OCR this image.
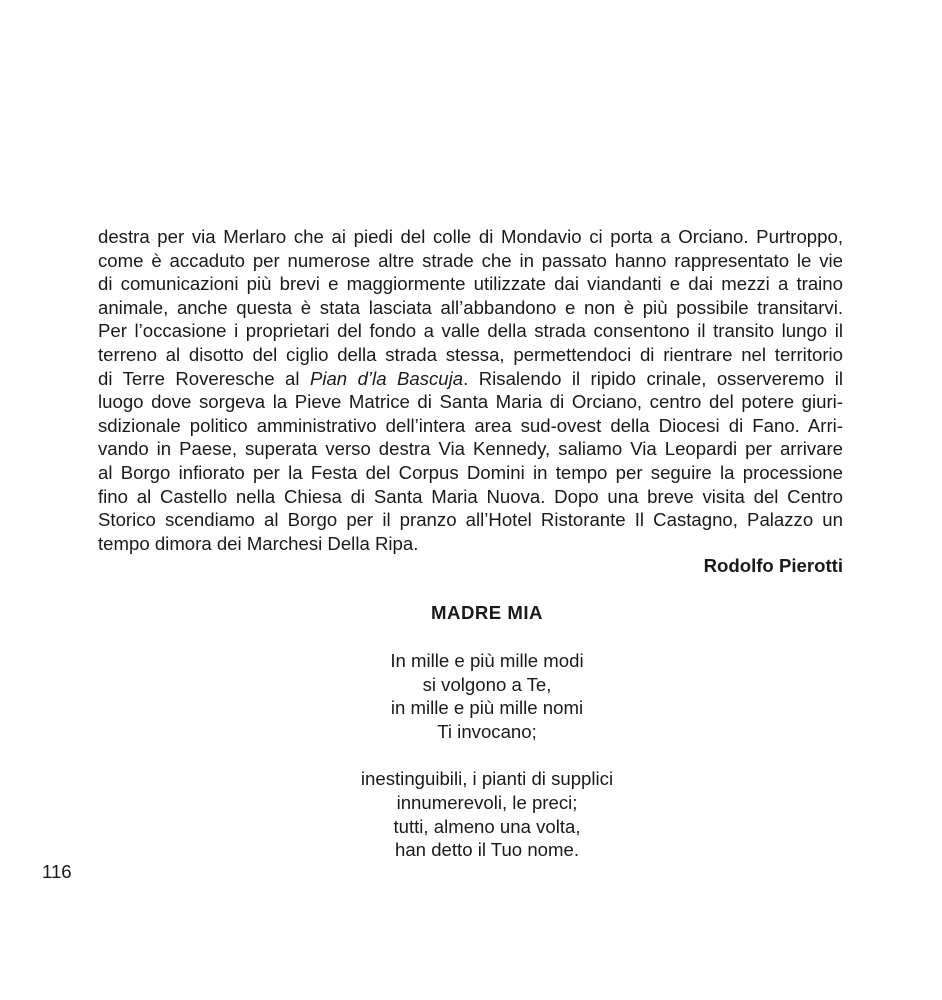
destra per via Merlaro che ai piedi del colle di Mondavio ci porta a Orciano. Purtroppo,
come è accaduto per numerose altre strade che in passato hanno rappresentato le vie
di comunicazioni più brevi e maggiormente utilizzate dai viandanti e dai mezzi a traino
animale, anche questa è stata lasciata all’abbandono e non è più possibile transitarvi.
Per l’occasione i proprietari del fondo a valle della strada consentono il transito lungo il
terreno al disotto del ciglio della strada stessa, permettendoci di rientrare nel territorio
di Terre Roveresche al Pian d’la Bascuja. Risalendo il ripido crinale, osserveremo il
luogo dove sorgeva la Pieve Matrice di Santa Maria di Orciano, centro del potere giuri-
sdizionale politico amministrativo dell’intera area sud-ovest della Diocesi di Fano. Arri-
vando in Paese, superata verso destra Via Kennedy, saliamo Via Leopardi per arrivare
al Borgo infiorato per la Festa del Corpus Domini in tempo per seguire la processione
fino al Castello nella Chiesa di Santa Maria Nuova. Dopo una breve visita del Centro
Storico scendiamo al Borgo per il pranzo all’Hotel Ristorante Il Castagno, Palazzo un
tempo dimora dei Marchesi Della Ripa.
Rodolfo Pierotti
MADRE MIA
In mille e più mille modi
si volgono a Te,
in mille e più mille nomi
Ti invocano;
inestinguibili, i pianti di supplici
innumerevoli, le preci;
tutti, almeno una volta,
han detto il Tuo nome.
116
